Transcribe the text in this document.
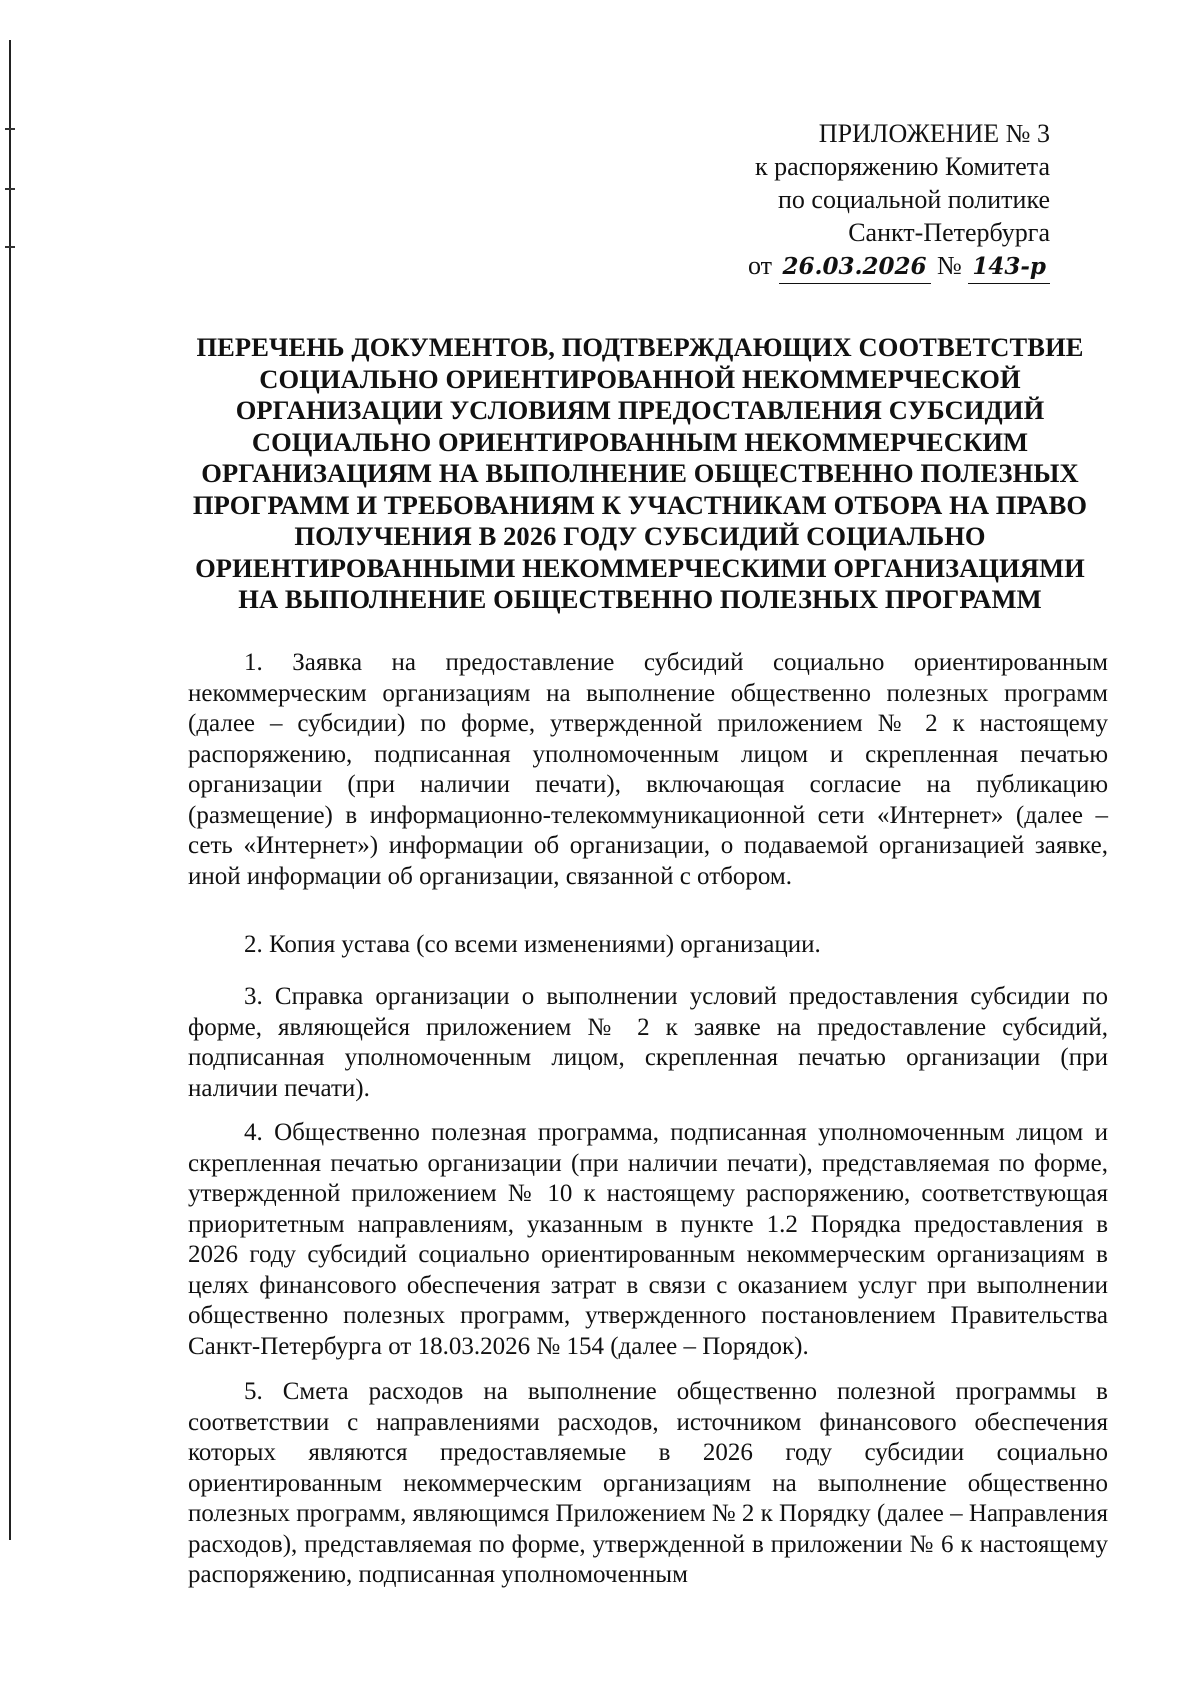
ПРИЛОЖЕНИЕ № 3
к распоряжению Комитета
по социальной политике
Санкт-Петербурга
от 26.03.2026 № 143-р
ПЕРЕЧЕНЬ ДОКУМЕНТОВ, ПОДТВЕРЖДАЮЩИХ СООТВЕТСТВИЕ
СОЦИАЛЬНО ОРИЕНТИРОВАННОЙ НЕКОММЕРЧЕСКОЙ
ОРГАНИЗАЦИИ УСЛОВИЯМ ПРЕДОСТАВЛЕНИЯ СУБСИДИЙ
СОЦИАЛЬНО ОРИЕНТИРОВАННЫМ НЕКОММЕРЧЕСКИМ
ОРГАНИЗАЦИЯМ НА ВЫПОЛНЕНИЕ ОБЩЕСТВЕННО ПОЛЕЗНЫХ
ПРОГРАММ И ТРЕБОВАНИЯМ К УЧАСТНИКАМ ОТБОРА НА ПРАВО
ПОЛУЧЕНИЯ В 2026 ГОДУ СУБСИДИЙ СОЦИАЛЬНО
ОРИЕНТИРОВАННЫМИ НЕКОММЕРЧЕСКИМИ ОРГАНИЗАЦИЯМИ
НА ВЫПОЛНЕНИЕ ОБЩЕСТВЕННО ПОЛЕЗНЫХ ПРОГРАММ

1. Заявка на предоставление субсидий социально ориентированным некоммерческим организациям на выполнение общественно полезных программ (далее – субсидии) по форме, утвержденной приложением № 2 к настоящему распоряжению, подписанная уполномоченным лицом и скрепленная печатью организации (при наличии печати), включающая согласие на публикацию (размещение) в информационно-телекоммуникационной сети «Интернет» (далее – сеть «Интернет») информации об организации, о подаваемой организацией заявке, иной информации об организации, связанной с отбором.

2. Копия устава (со всеми изменениями) организации.

3. Справка организации о выполнении условий предоставления субсидии по форме, являющейся приложением № 2 к заявке на предоставление субсидий, подписанная уполномоченным лицом, скрепленная печатью организации (при наличии печати).

4. Общественно полезная программа, подписанная уполномоченным лицом и скрепленная печатью организации (при наличии печати), представляемая по форме, утвержденной приложением № 10 к настоящему распоряжению, соответствующая приоритетным направлениям, указанным в пункте 1.2 Порядка предоставления в 2026 году субсидий социально ориентированным некоммерческим организациям в целях финансового обеспечения затрат в связи с оказанием услуг при выполнении общественно полезных программ, утвержденного постановлением Правительства Санкт-Петербурга от 18.03.2026 № 154 (далее – Порядок).

5. Смета расходов на выполнение общественно полезной программы в соответствии с направлениями расходов, источником финансового обеспечения которых являются предоставляемые в 2026 году субсидии социально ориентированным некоммерческим организациям на выполнение общественно полезных программ, являющимся Приложением № 2 к Порядку (далее – Направления расходов), представляемая по форме, утвержденной в приложении № 6 к настоящему распоряжению, подписанная уполномоченным
